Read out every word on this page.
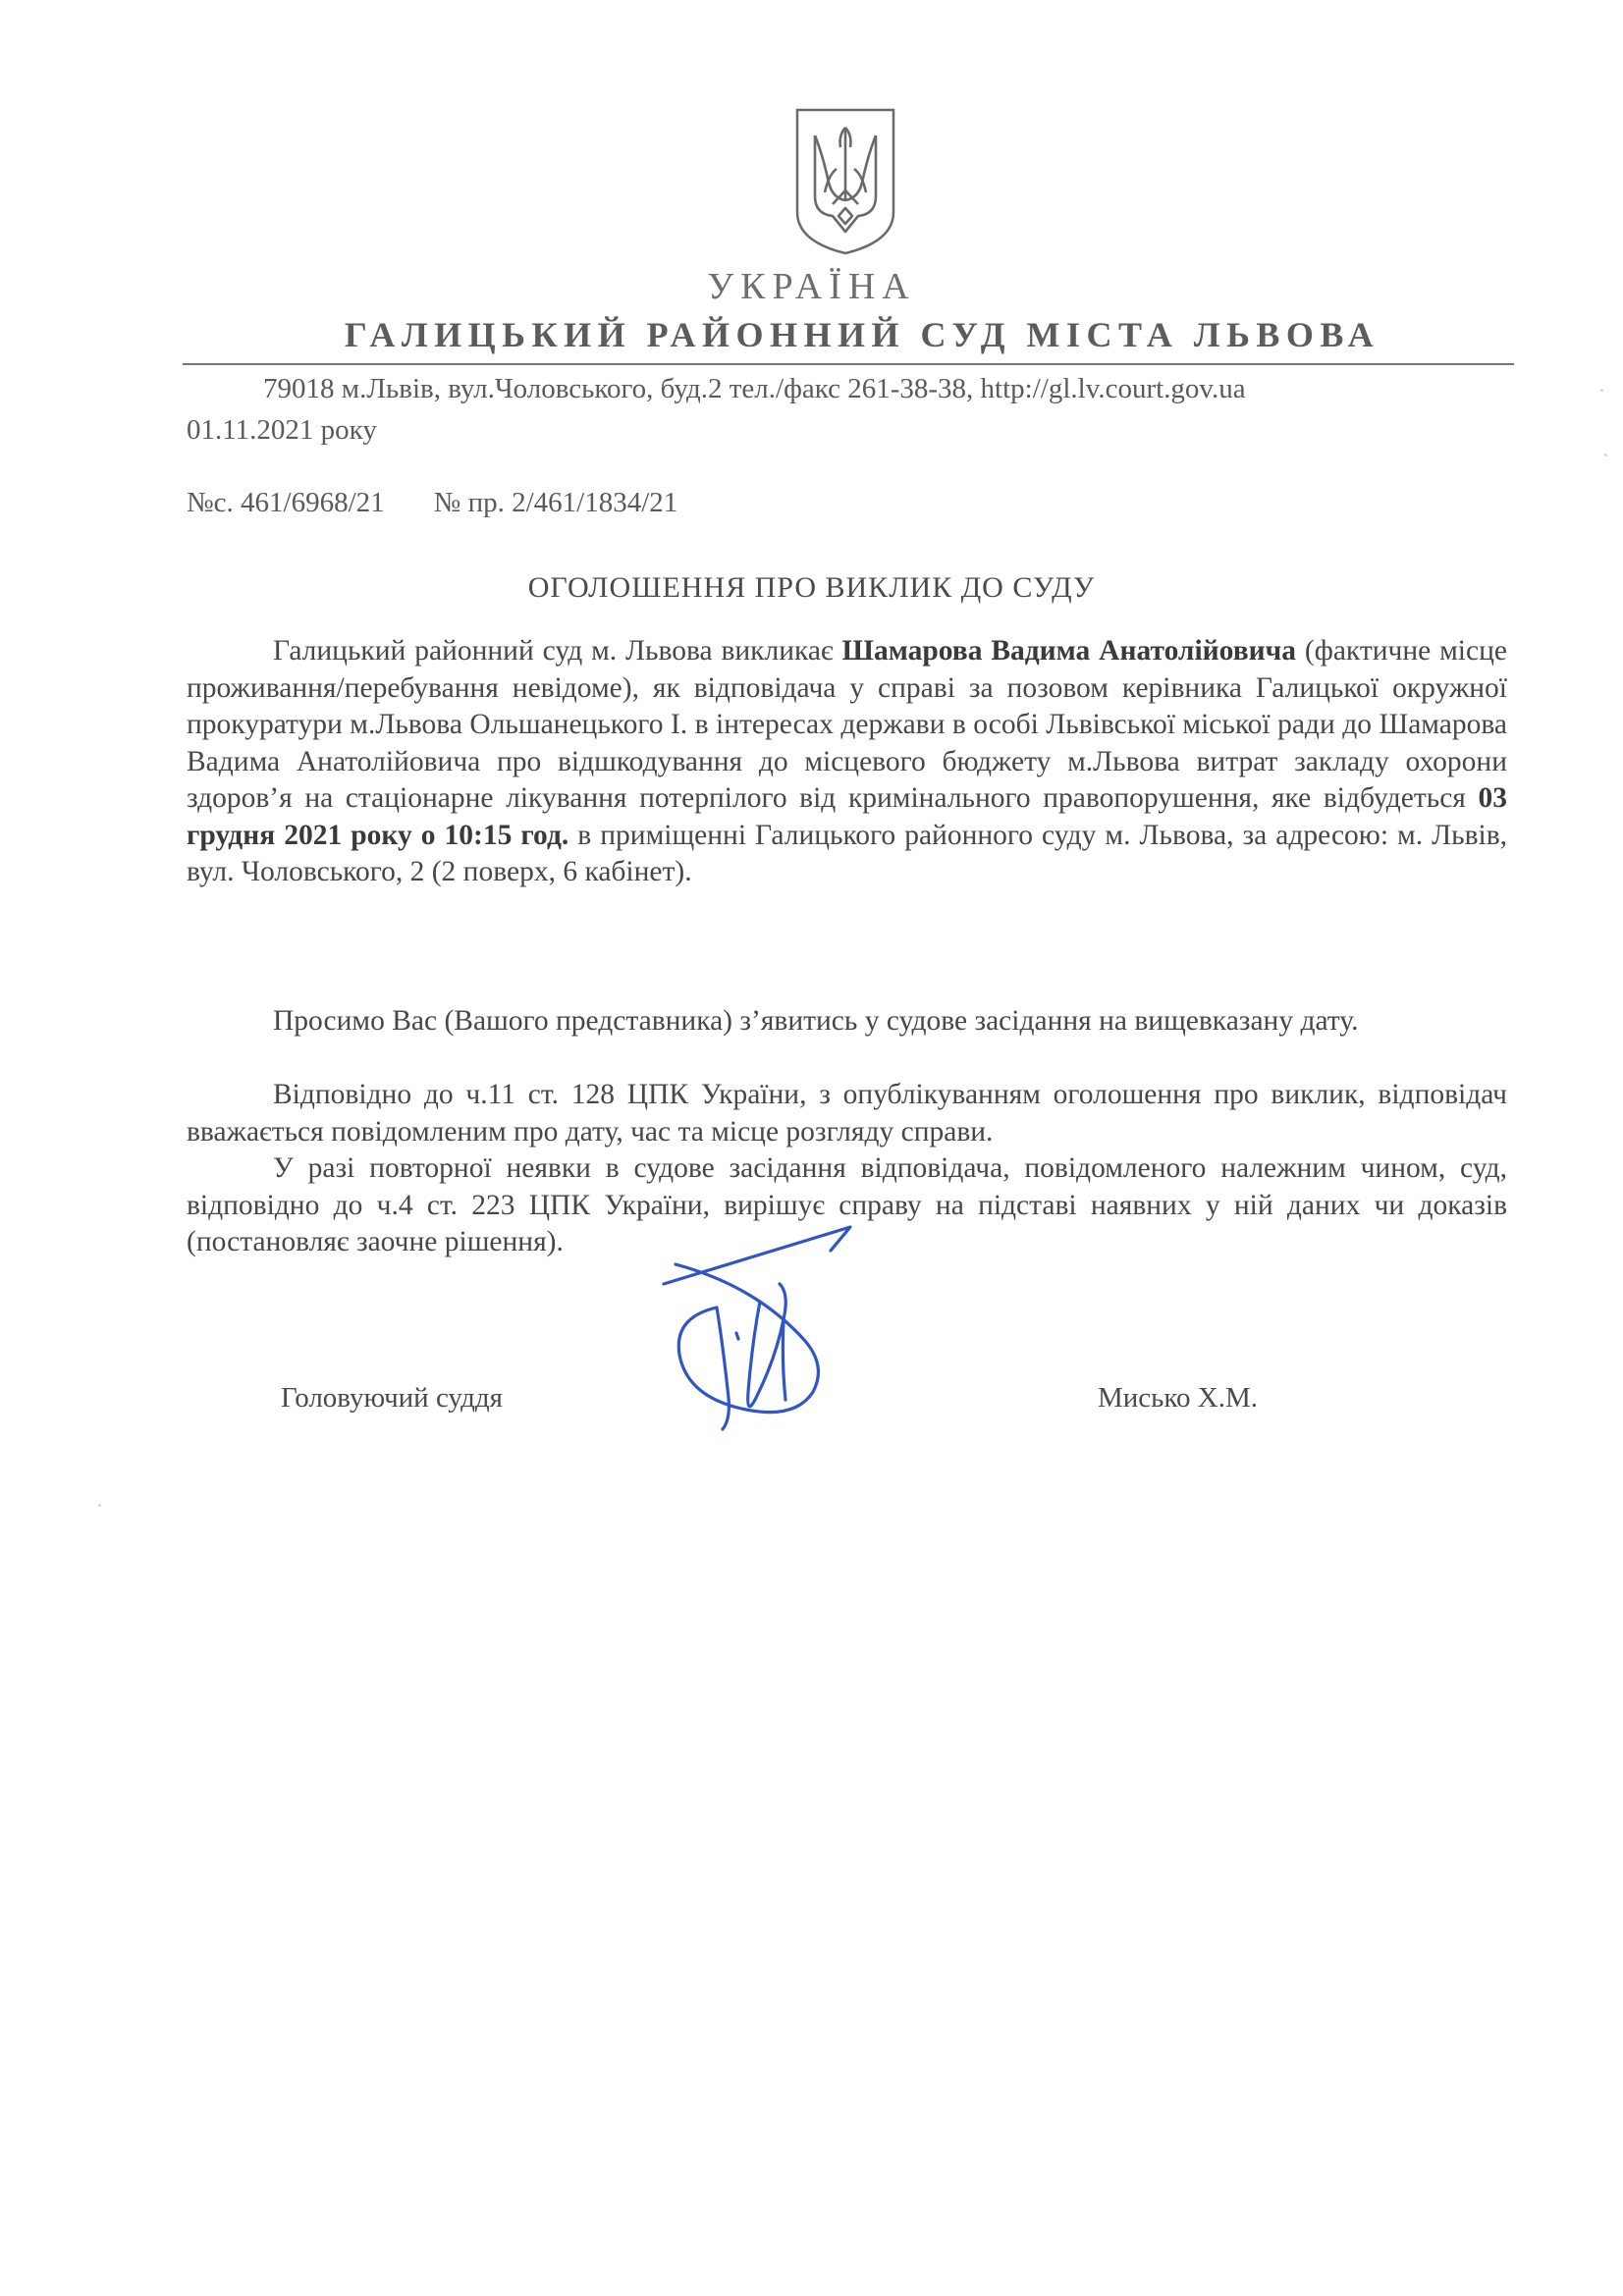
УКРАЇНА
ГАЛИЦЬКИЙ РАЙОННИЙ СУД МІСТА ЛЬВОВА
79018 м.Львів, вул.Чоловського, буд.2 тел./факс 261-38-38, http://gl.lv.court.gov.ua
01.11.2021 року
№с. 461/6968/21 № пр. 2/461/1834/21
ОГОЛОШЕННЯ ПРО ВИКЛИК ДО СУДУ

Галицький районний суд м. Львова викликає Шамарова Вадима Анатолійовича (фактичне місце проживання/перебування невідоме), як відповідача у справі за позовом керівника Галицької окружної прокуратури м.Львова Ольшанецького І. в інтересах держави в особі Львівської міської ради до Шамарова Вадима Анатолійовича про відшкодування до місцевого бюджету м.Львова витрат закладу охорони здоров’я на стаціонарне лікування потерпілого від кримінального правопорушення, яке відбудеться 03 грудня 2021 року о 10:15 год. в приміщенні Галицького районного суду м. Львова, за адресою: м. Львів, вул. Чоловського, 2 (2 поверх, 6 кабінет).

Просимо Вас (Вашого представника) з’явитись у судове засідання на вищевказану дату.

Відповідно до ч.11 ст. 128 ЦПК України, з опублікуванням оголошення про виклик, відповідач вважається повідомленим про дату, час та місце розгляду справи.

У разі повторної неявки в судове засідання відповідача, повідомленого належним чином, суд, відповідно до ч.4 ст. 223 ЦПК України, вирішує справу на підставі наявних у ній даних чи доказів (постановляє заочне рішення).

Головуючий суддя	Мисько Х.М.
